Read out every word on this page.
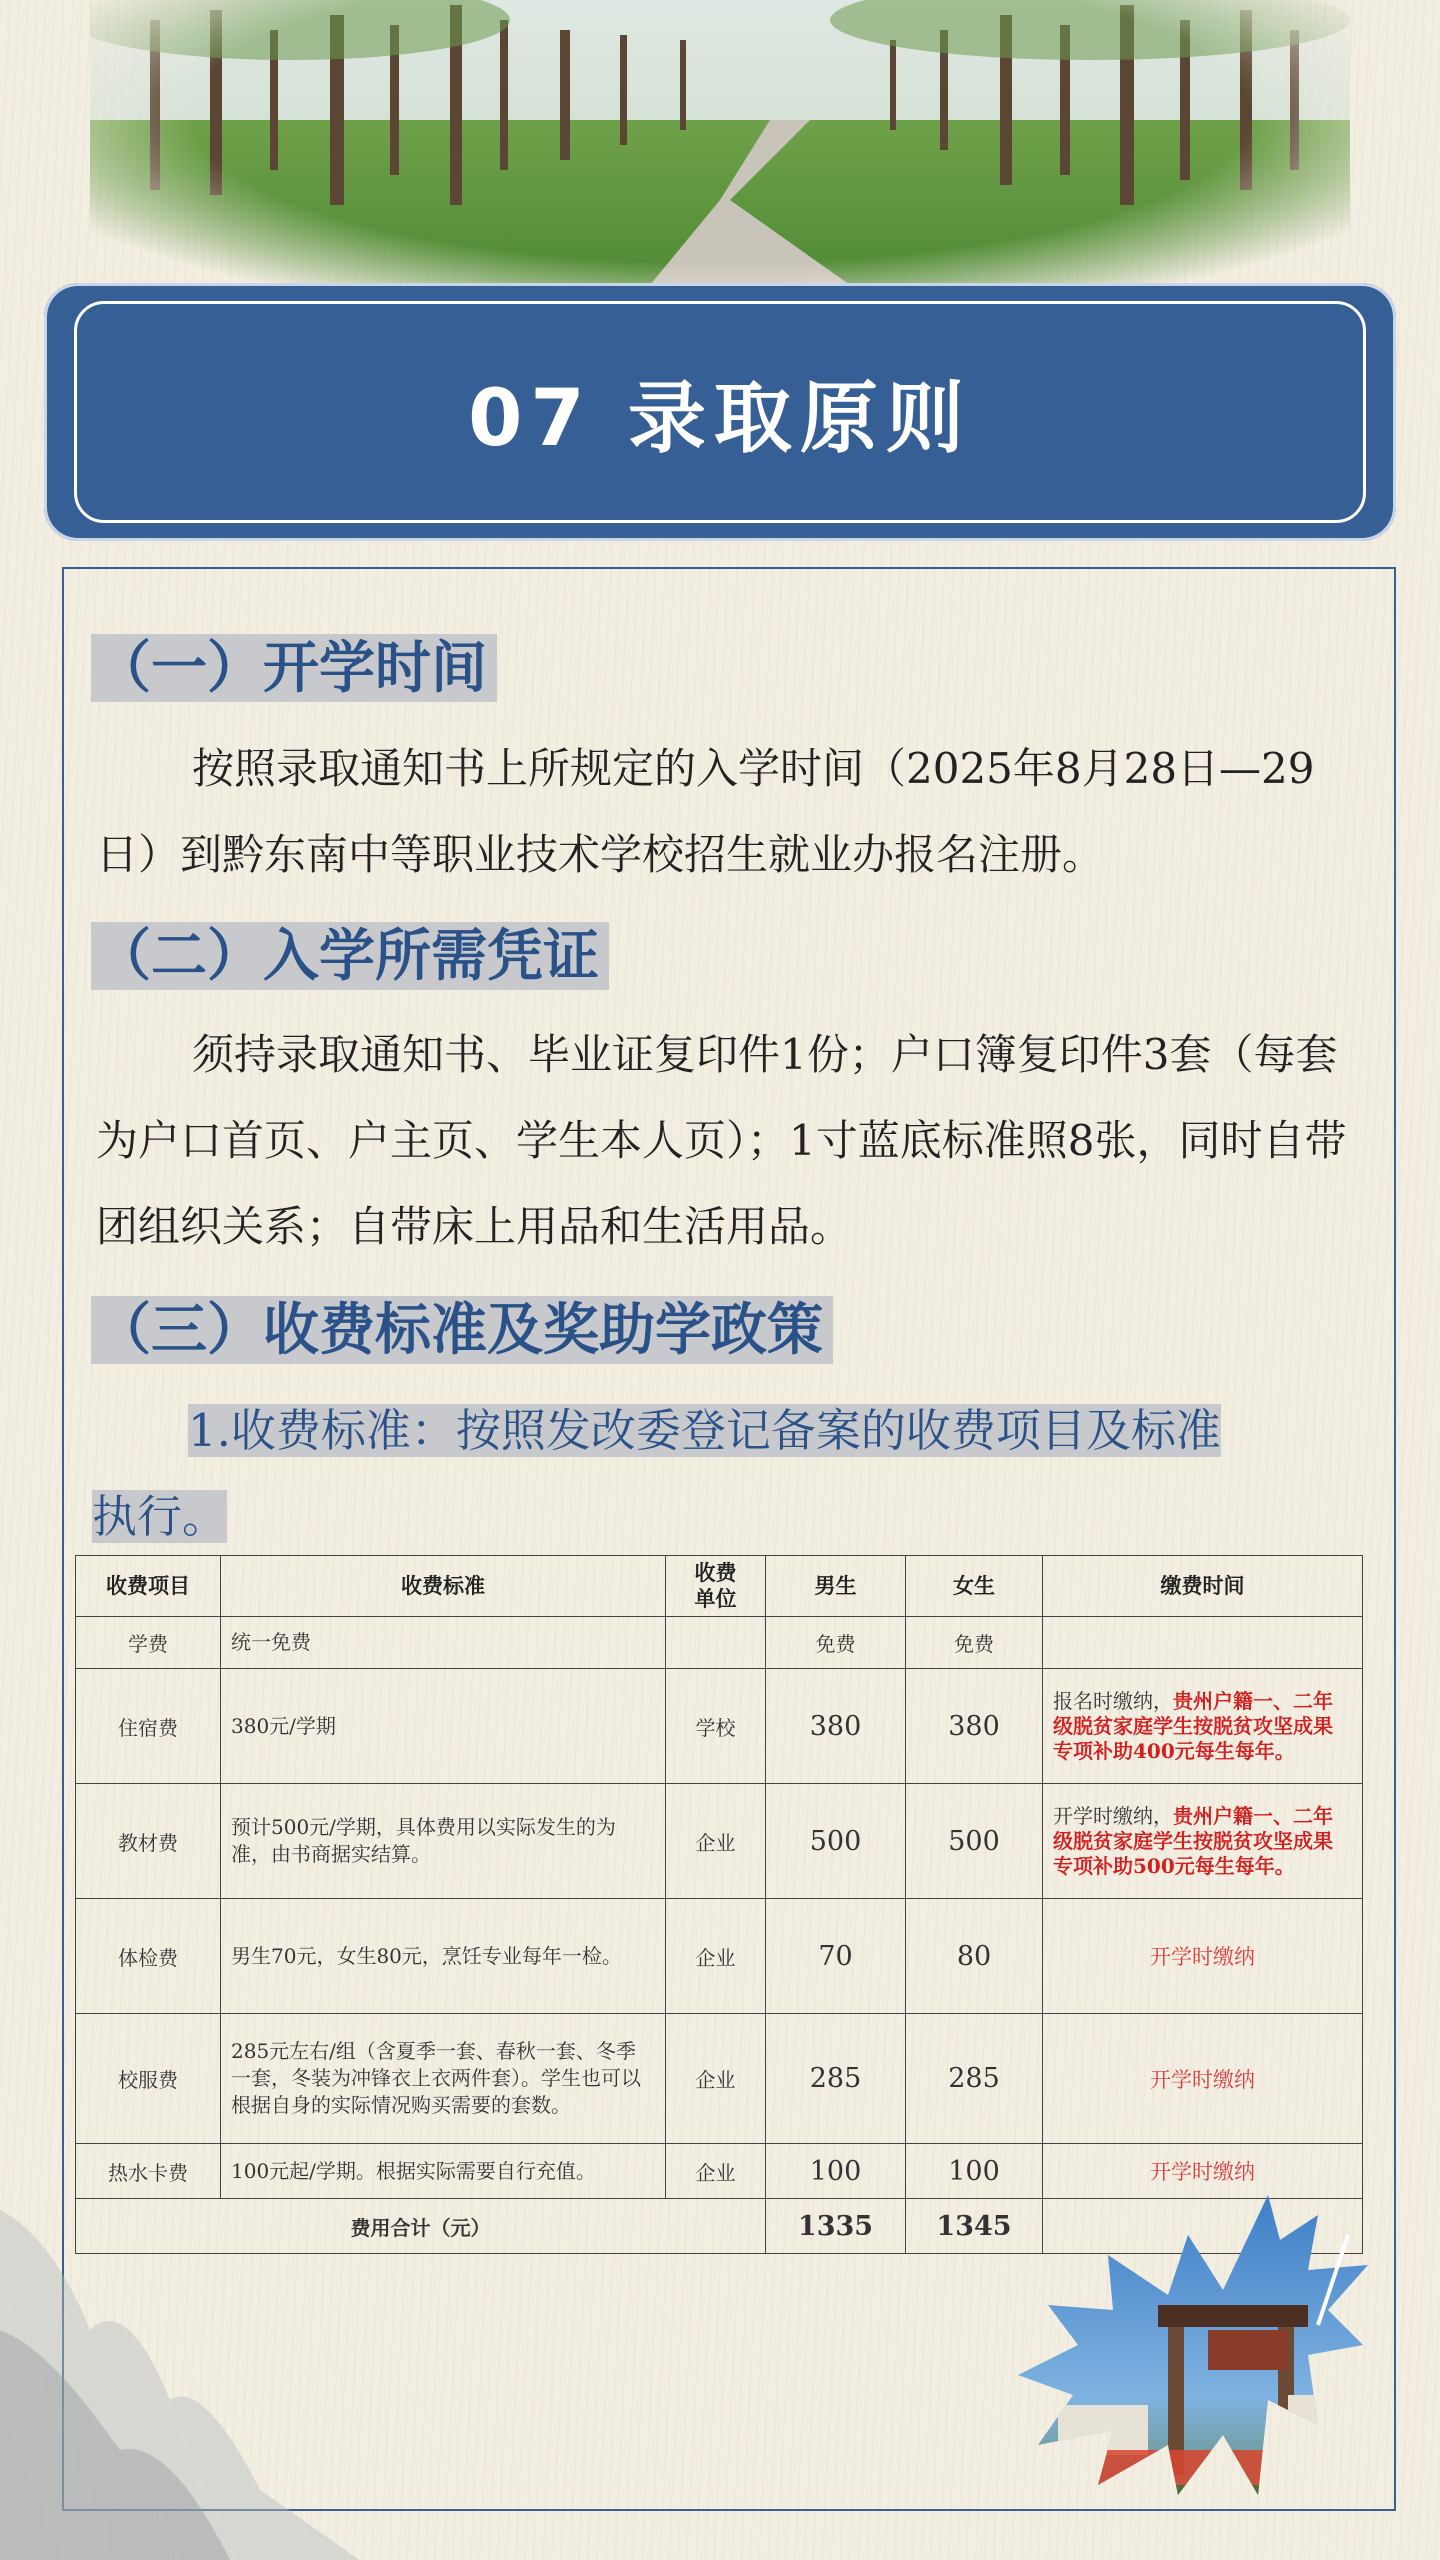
07 录取原则
（一）开学时间
按照录取通知书上所规定的入学时间（2025年8月28日—29日）到黔东南中等职业技术学校招生就业办报名注册。
（二）入学所需凭证
须持录取通知书、毕业证复印件1份；户口簿复印件3套（每套为户口首页、户主页、学生本人页）；1寸蓝底标准照8张，同时自带团组织关系；自带床上用品和生活用品。
（三）收费标准及奖助学政策
1.收费标准：按照发改委登记备案的收费项目及标准
执行。
收费项目	收费标准	收费单位	男生	女生	缴费时间
学费	统一免费		免费	免费	
住宿费	380元/学期	学校	380	380	报名时缴纳，贵州户籍一、二年级脱贫家庭学生按脱贫攻坚成果专项补助400元每生每年。
教材费	预计500元/学期，具体费用以实际发生的为准，由书商据实结算。	企业	500	500	开学时缴纳，贵州户籍一、二年级脱贫家庭学生按脱贫攻坚成果专项补助500元每生每年。
体检费	男生70元，女生80元，烹饪专业每年一检。	企业	70	80	开学时缴纳
校服费	285元左右/组（含夏季一套、春秋一套、冬季一套，冬装为冲锋衣上衣两件套）。学生也可以根据自身的实际情况购买需要的套数。	企业	285	285	开学时缴纳
热水卡费	100元起/学期。根据实际需要自行充值。	企业	100	100	开学时缴纳
费用合计（元）			1335	1345	
